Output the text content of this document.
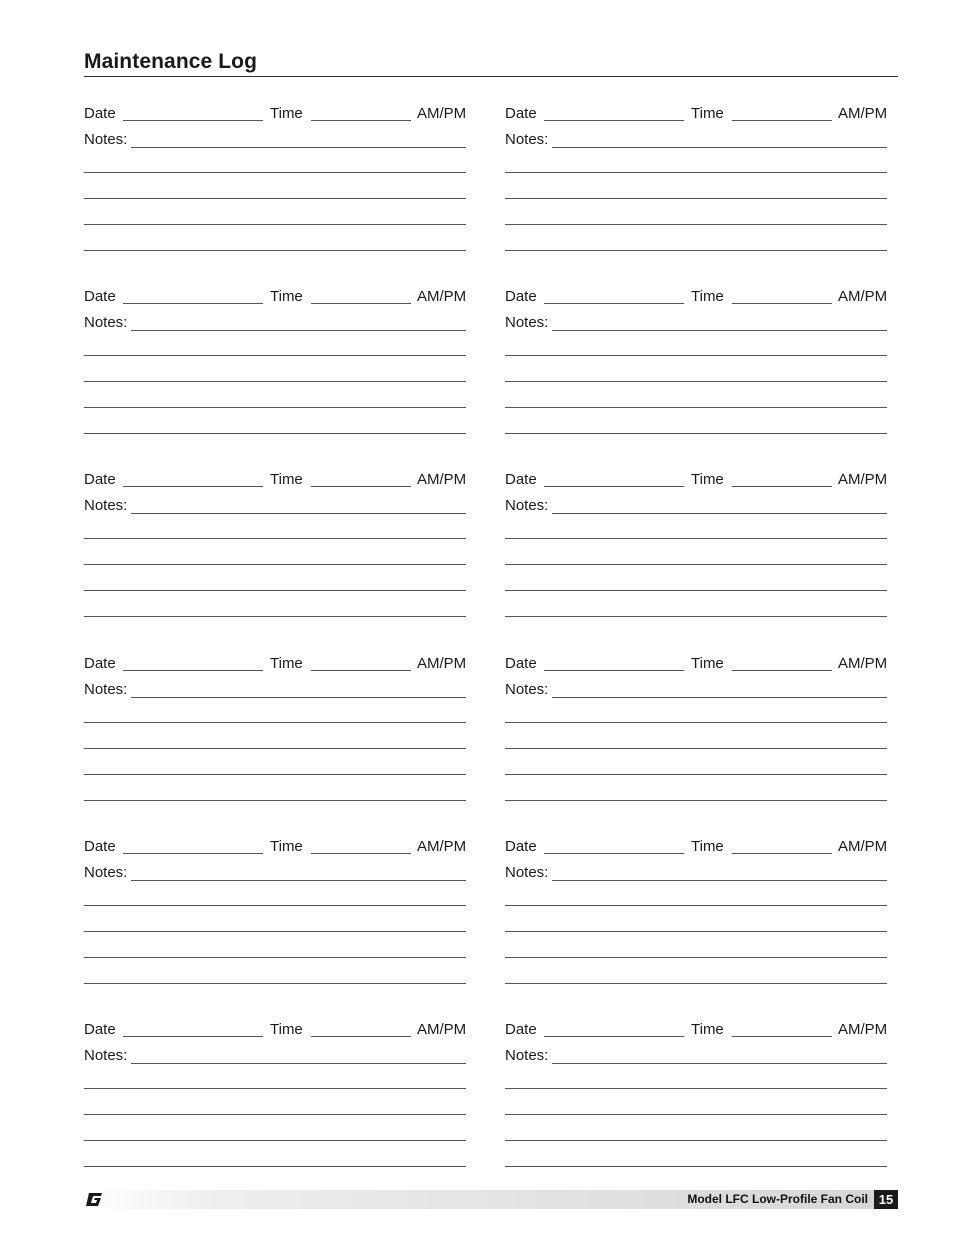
Maintenance Log
Date	Time	AM/PM
Notes:
Date	Time	AM/PM
Notes:
Date	Time	AM/PM
Notes:
Date	Time	AM/PM
Notes:
Date	Time	AM/PM
Notes:
Date	Time	AM/PM
Notes:
Date	Time	AM/PM
Notes:
Date	Time	AM/PM
Notes:
Date	Time	AM/PM
Notes:
Date	Time	AM/PM
Notes:
Date	Time	AM/PM
Notes:
Date	Time	AM/PM
Notes:
Model LFC Low-Profile Fan Coil 15
